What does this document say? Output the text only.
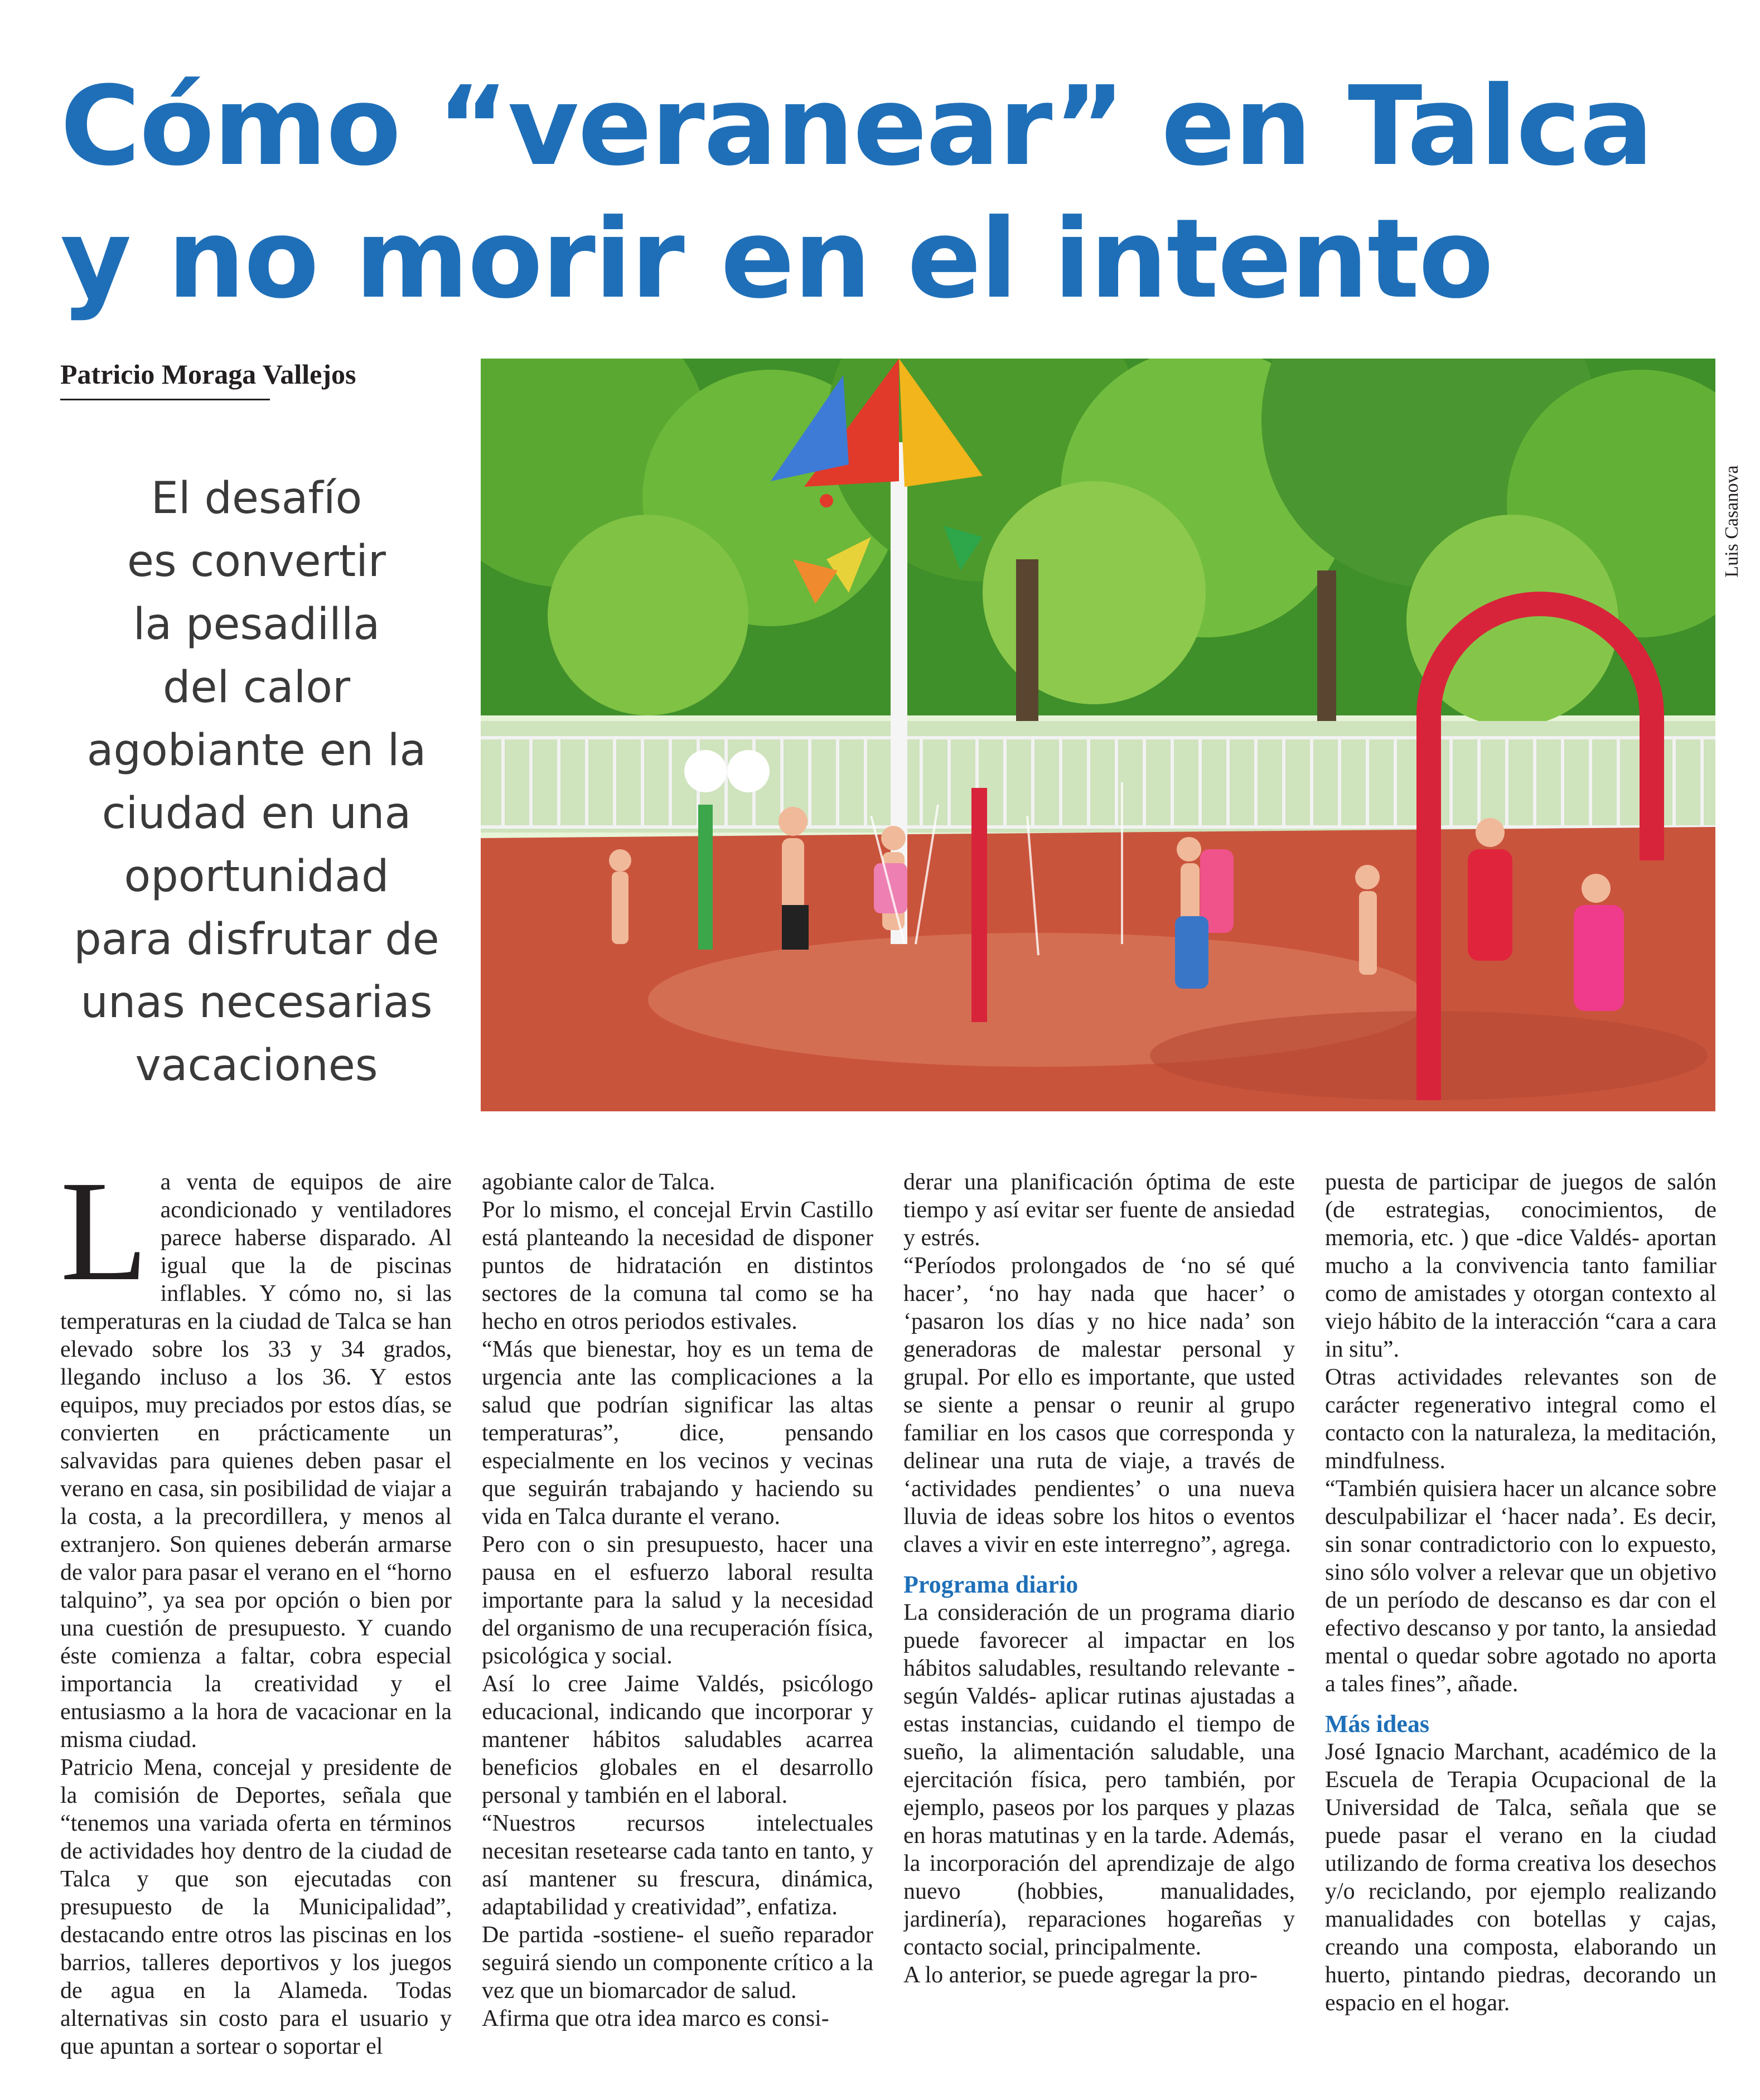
Cómo “veranear” en Talca
y no morir en el intento
Patricio Moraga Vallejos
El desafío
es convertir
la pesadilla
del calor
agobiante en la
ciudad en una
oportunidad
para disfrutar de
unas necesarias
vacaciones
Luis Casanova
L a venta de equipos de aire acondicionado y ventiladores parece haberse disparado. Al igual que la de piscinas inflables. Y cómo no, si las temperaturas en la ciudad de Talca se han elevado sobre los 33 y 34 grados, llegando incluso a los 36. Y estos equipos, muy preciados por estos días, se convierten en prácticamente un salvavidas para quienes deben pasar el verano en casa, sin posibilidad de viajar a la costa, a la precordillera, y menos al extranjero. Son quienes deberán armarse de valor para pasar el verano en el “horno talquino”, ya sea por opción o bien por una cuestión de presupuesto. Y cuando éste comienza a faltar, cobra especial importancia la creatividad y el entusiasmo a la hora de vacacionar en la misma ciudad.

Patricio Mena, concejal y presidente de la comisión de Deportes, señala que “tenemos una variada oferta en términos de actividades hoy dentro de la ciudad de Talca y que son ejecutadas con presupuesto de la Municipalidad”, destacando entre otros las piscinas en los barrios, talleres deportivos y los juegos de agua en la Alameda. Todas alternativas sin costo para el usuario y que apuntan a sortear o soportar el

agobiante calor de Talca.

Por lo mismo, el concejal Ervin Castillo está planteando la necesidad de disponer puntos de hidratación en distintos sectores de la comuna tal como se ha hecho en otros periodos estivales.

“Más que bienestar, hoy es un tema de urgencia ante las complicaciones a la salud que podrían significar las altas temperaturas”, dice, pensando especialmente en los vecinos y vecinas que seguirán trabajando y haciendo su vida en Talca durante el verano.

Pero con o sin presupuesto, hacer una pausa en el esfuerzo laboral resulta importante para la salud y la necesidad del organismo de una recuperación física, psicológica y social.

Así lo cree Jaime Valdés, psicólogo educacional, indicando que incorporar y mantener hábitos saludables acarrea beneficios globales en el desarrollo personal y también en el laboral.

“Nuestros recursos intelectuales necesitan resetearse cada tanto en tanto, y así mantener su frescura, dinámica, adaptabilidad y creatividad”, enfatiza.

De partida -sostiene- el sueño reparador seguirá siendo un componente crítico a la vez que un biomarcador de salud.

Afirma que otra idea marco es consi-

derar una planificación óptima de este tiempo y así evitar ser fuente de ansiedad y estrés.

“Períodos prolongados de ‘no sé qué hacer’, ‘no hay nada que hacer’ o ‘pasaron los días y no hice nada’ son generadoras de malestar personal y grupal. Por ello es importante, que usted se siente a pensar o reunir al grupo familiar en los casos que corresponda y delinear una ruta de viaje, a través de ‘actividades pendientes’ o una nueva lluvia de ideas sobre los hitos o eventos claves a vivir en este interregno”, agrega.

Programa diario

La consideración de un programa diario puede favorecer al impactar en los hábitos saludables, resultando relevante -según Valdés- aplicar rutinas ajustadas a estas instancias, cuidando el tiempo de sueño, la alimentación saludable, una ejercitación física, pero también, por ejemplo, paseos por los parques y plazas en horas matutinas y en la tarde. Además, la incorporación del aprendizaje de algo nuevo (hobbies, manualidades, jardinería), reparaciones hogareñas y contacto social, principalmente.

A lo anterior, se puede agregar la pro-

puesta de participar de juegos de salón (de estrategias, conocimientos, de memoria, etc. ) que -dice Valdés- aportan mucho a la convivencia tanto familiar como de amistades y otorgan contexto al viejo hábito de la interacción “cara a cara in situ”.

Otras actividades relevantes son de carácter regenerativo integral como el contacto con la naturaleza, la meditación, mindfulness.

“También quisiera hacer un alcance sobre desculpabilizar el ‘hacer nada’. Es decir, sin sonar contradictorio con lo expuesto, sino sólo volver a relevar que un objetivo de un período de descanso es dar con el efectivo descanso y por tanto, la ansiedad mental o quedar sobre agotado no aporta a tales fines”, añade.

Más ideas

José Ignacio Marchant, académico de la Escuela de Terapia Ocupacional de la Universidad de Talca, señala que se puede pasar el verano en la ciudad utilizando de forma creativa los desechos y/o reciclando, por ejemplo realizando manualidades con botellas y cajas, creando una composta, elaborando un huerto, pintando piedras, decorando un espacio en el hogar.
